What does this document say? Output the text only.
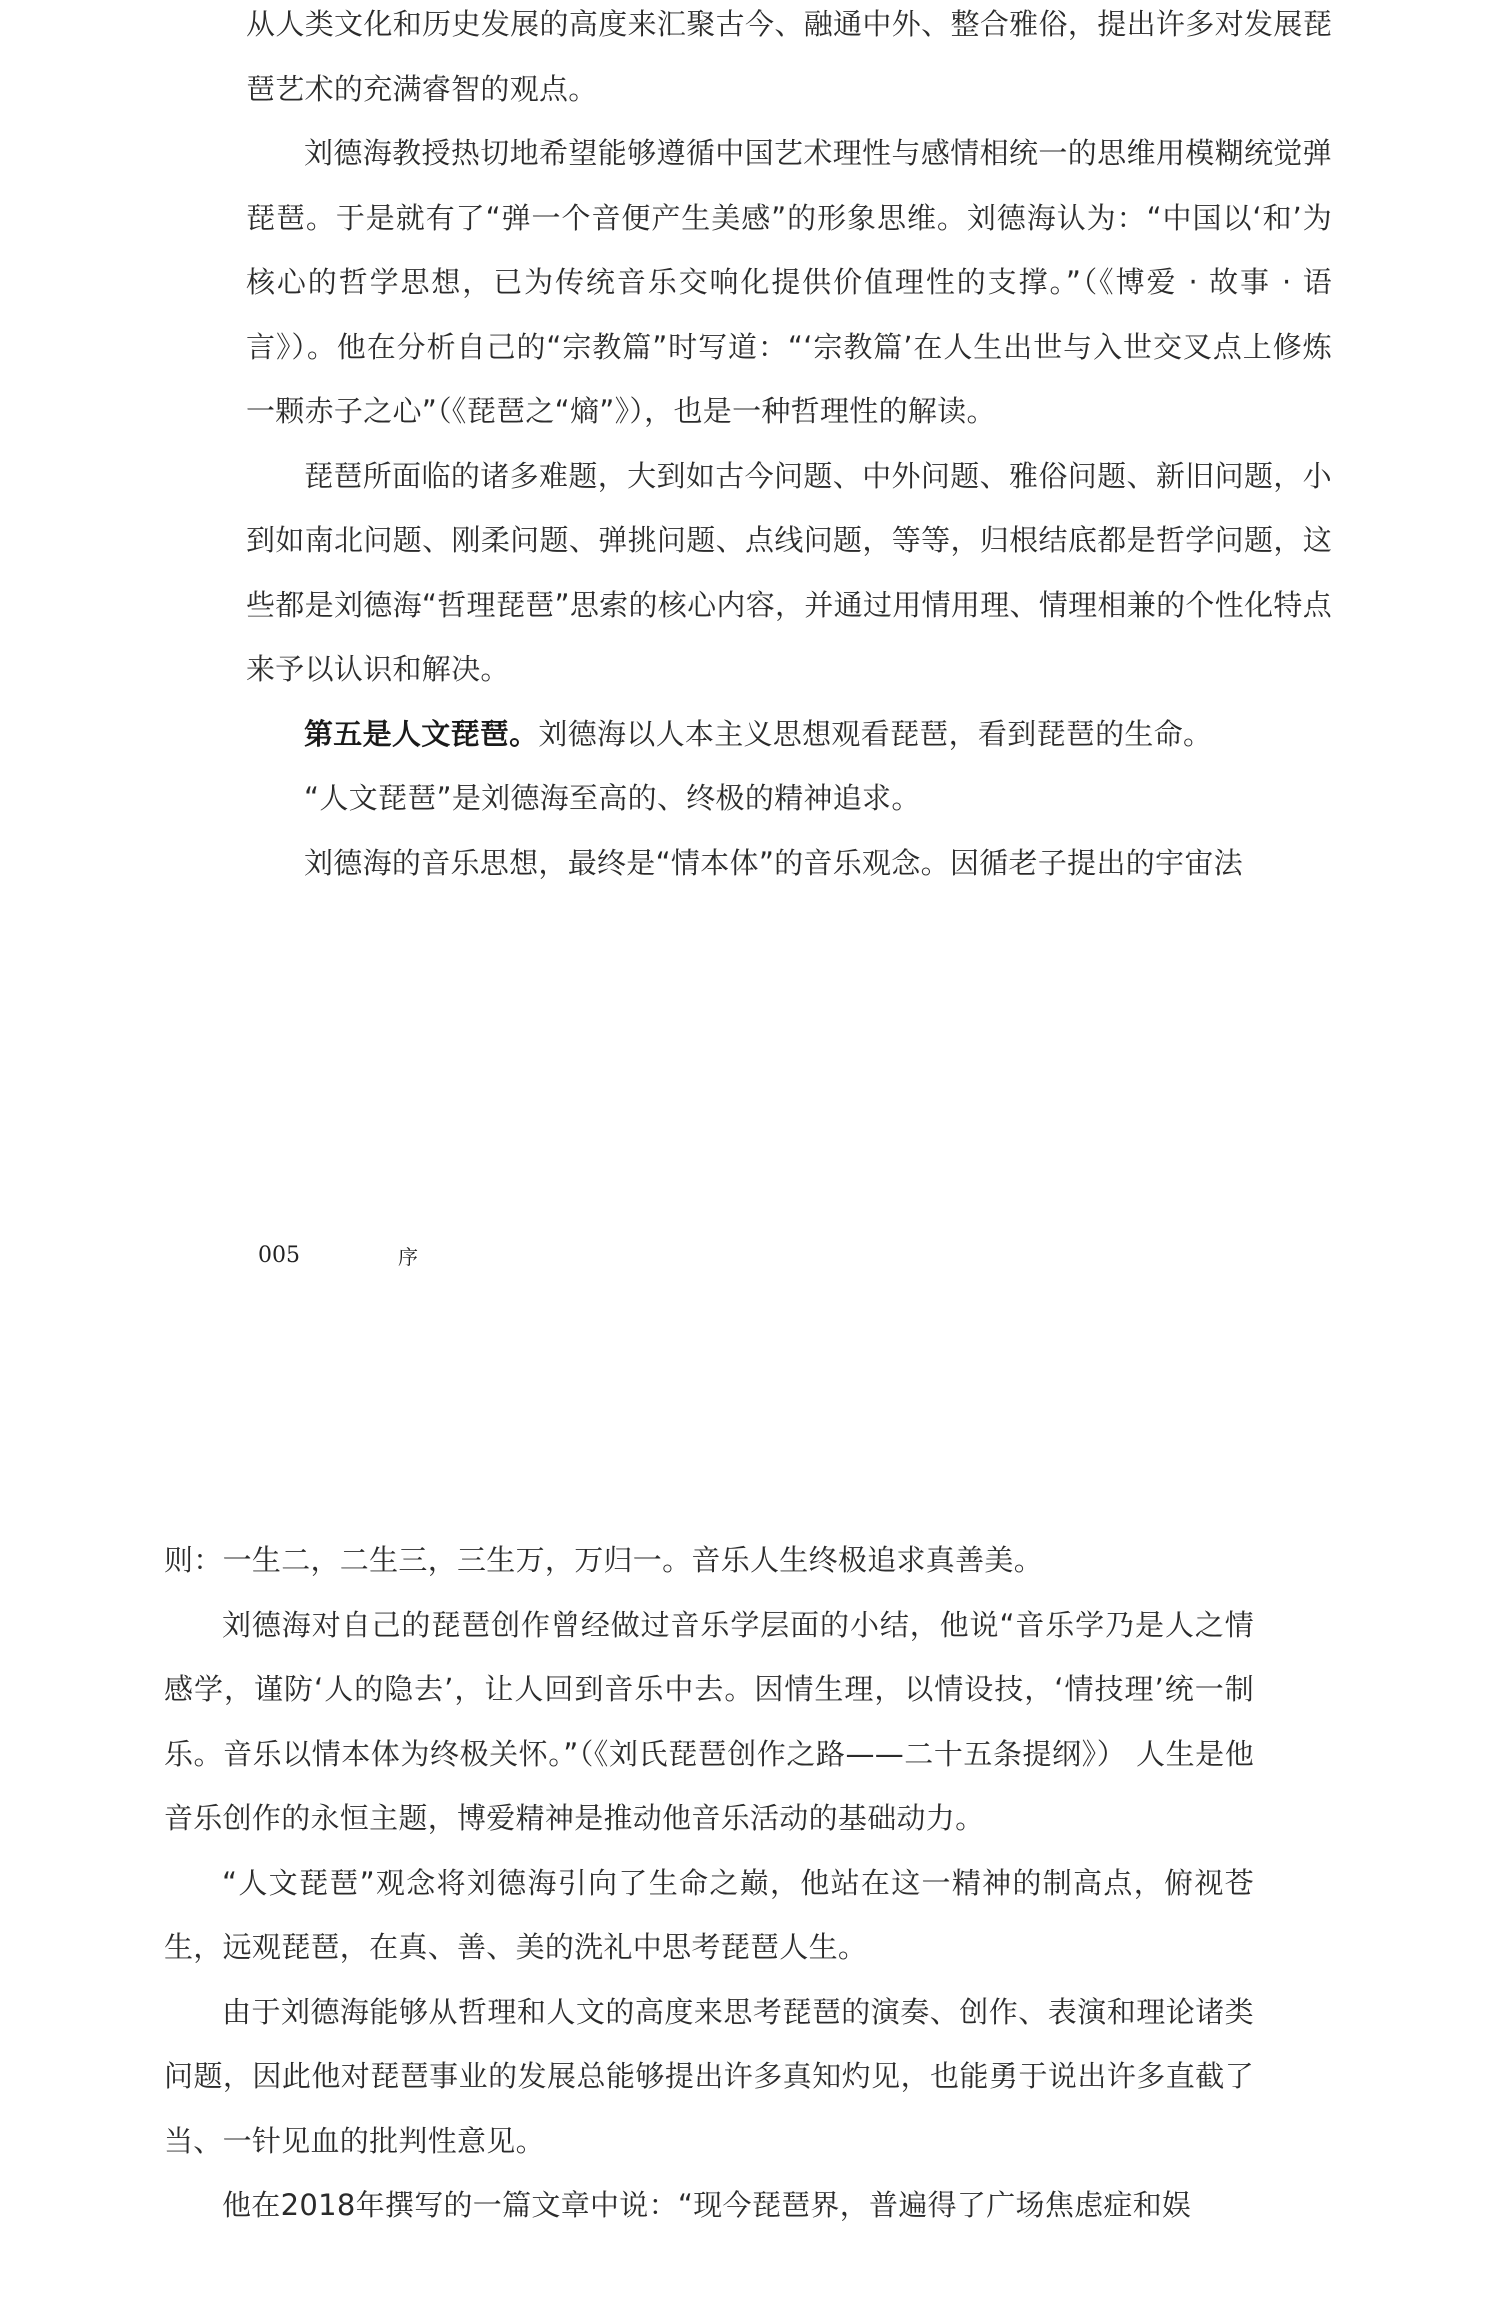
从人类文化和历史发展的高度来汇聚古今、融通中外、整合雅俗，提出许多对发展琵琶艺术的充满睿智的观点。

刘德海教授热切地希望能够遵循中国艺术理性与感情相统一的思维用模糊统觉弹琵琶。于是就有了“弹一个音便产生美感”的形象思维。刘德海认为：“中国以‘和’为核心的哲学思想，已为传统音乐交响化提供价值理性的支撑。”（《博爱 · 故事 · 语言》）。他在分析自己的“宗教篇”时写道：“‘宗教篇’在人生出世与入世交叉点上修炼一颗赤子之心”（《琵琶之“熵”》），也是一种哲理性的解读。

琵琶所面临的诸多难题，大到如古今问题、中外问题、雅俗问题、新旧问题，小到如南北问题、刚柔问题、弹挑问题、点线问题，等等，归根结底都是哲学问题，这些都是刘德海“哲理琵琶”思索的核心内容，并通过用情用理、情理相兼的个性化特点来予以认识和解决。

第五是人文琵琶。刘德海以人本主义思想观看琵琶，看到琵琶的生命。

“人文琵琶”是刘德海至高的、终极的精神追求。

刘德海的音乐思想，最终是“情本体”的音乐观念。因循老子提出的宇宙法

005	序

则：一生二，二生三，三生万，万归一。音乐人生终极追求真善美。

刘德海对自己的琵琶创作曾经做过音乐学层面的小结，他说“音乐学乃是人之情感学，谨防‘人的隐去’，让人回到音乐中去。因情生理，以情设技，‘情技理’统一制乐。音乐以情本体为终极关怀。”（《刘氏琵琶创作之路——二十五条提纲》） 人生是他音乐创作的永恒主题，博爱精神是推动他音乐活动的基础动力。

“人文琵琶”观念将刘德海引向了生命之巅，他站在这一精神的制高点，俯视苍生，远观琵琶，在真、善、美的洗礼中思考琵琶人生。

由于刘德海能够从哲理和人文的高度来思考琵琶的演奏、创作、表演和理论诸类问题，因此他对琵琶事业的发展总能够提出许多真知灼见，也能勇于说出许多直截了当、一针见血的批判性意见。

他在2018年撰写的一篇文章中说：“现今琵琶界，普遍得了广场焦虑症和娱
